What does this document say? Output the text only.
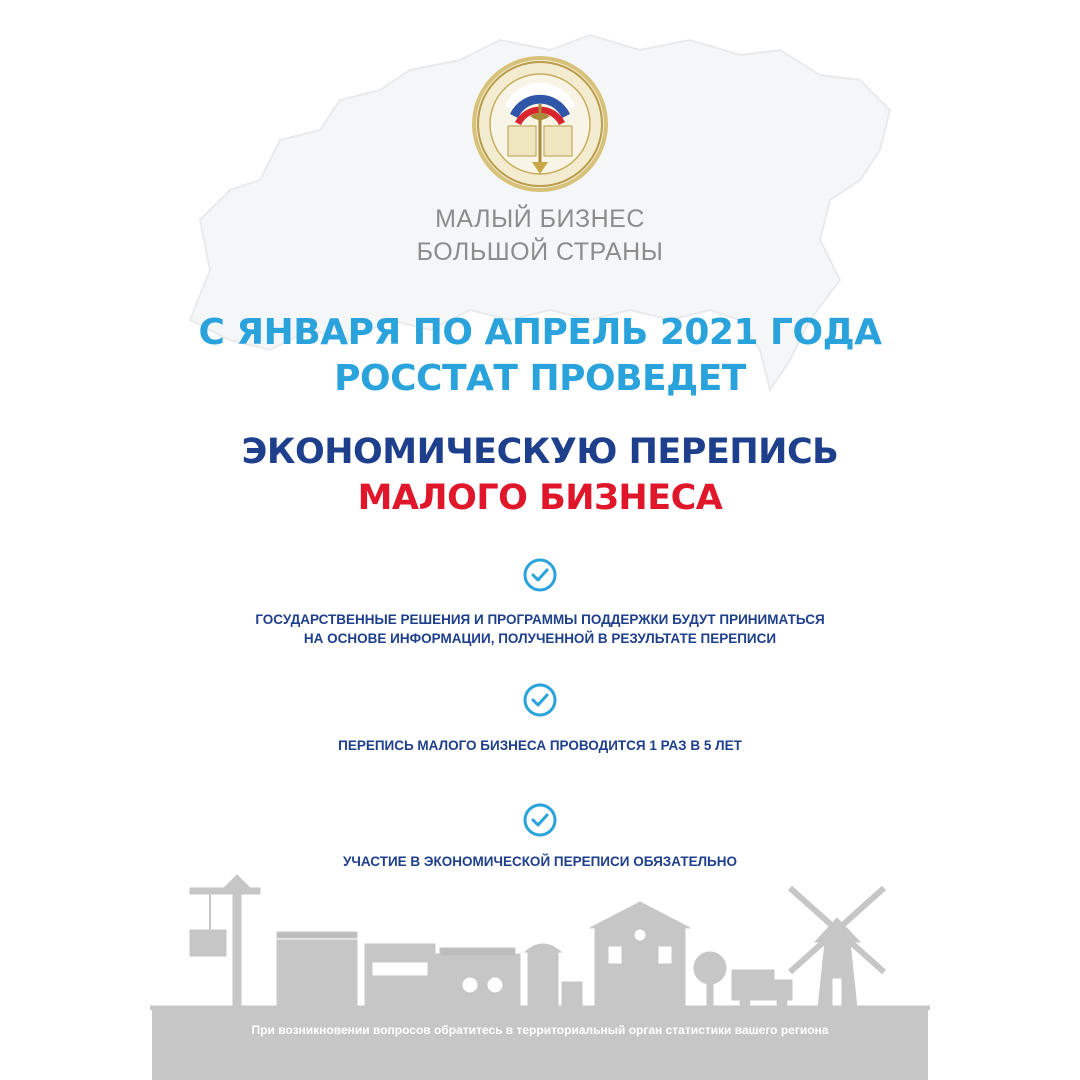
МАЛЫЙ БИЗНЕС
БОЛЬШОЙ СТРАНЫ
С ЯНВАРЯ ПО АПРЕЛЬ 2021 ГОДА
РОССТАТ ПРОВЕДЕТ
ЭКОНОМИЧЕСКУЮ ПЕРЕПИСЬ
МАЛОГО БИЗНЕСА
ГОСУДАРСТВЕННЫЕ РЕШЕНИЯ И ПРОГРАММЫ ПОДДЕРЖКИ БУДУТ ПРИНИМАТЬСЯ
НА ОСНОВЕ ИНФОРМАЦИИ, ПОЛУЧЕННОЙ В РЕЗУЛЬТАТЕ ПЕРЕПИСИ
ПЕРЕПИСЬ МАЛОГО БИЗНЕСА ПРОВОДИТСЯ 1 РАЗ В 5 ЛЕТ
УЧАСТИЕ В ЭКОНОМИЧЕСКОЙ ПЕРЕПИСИ ОБЯЗАТЕЛЬНО
При возникновении вопросов обратитесь в территориальный орган статистики вашего региона
